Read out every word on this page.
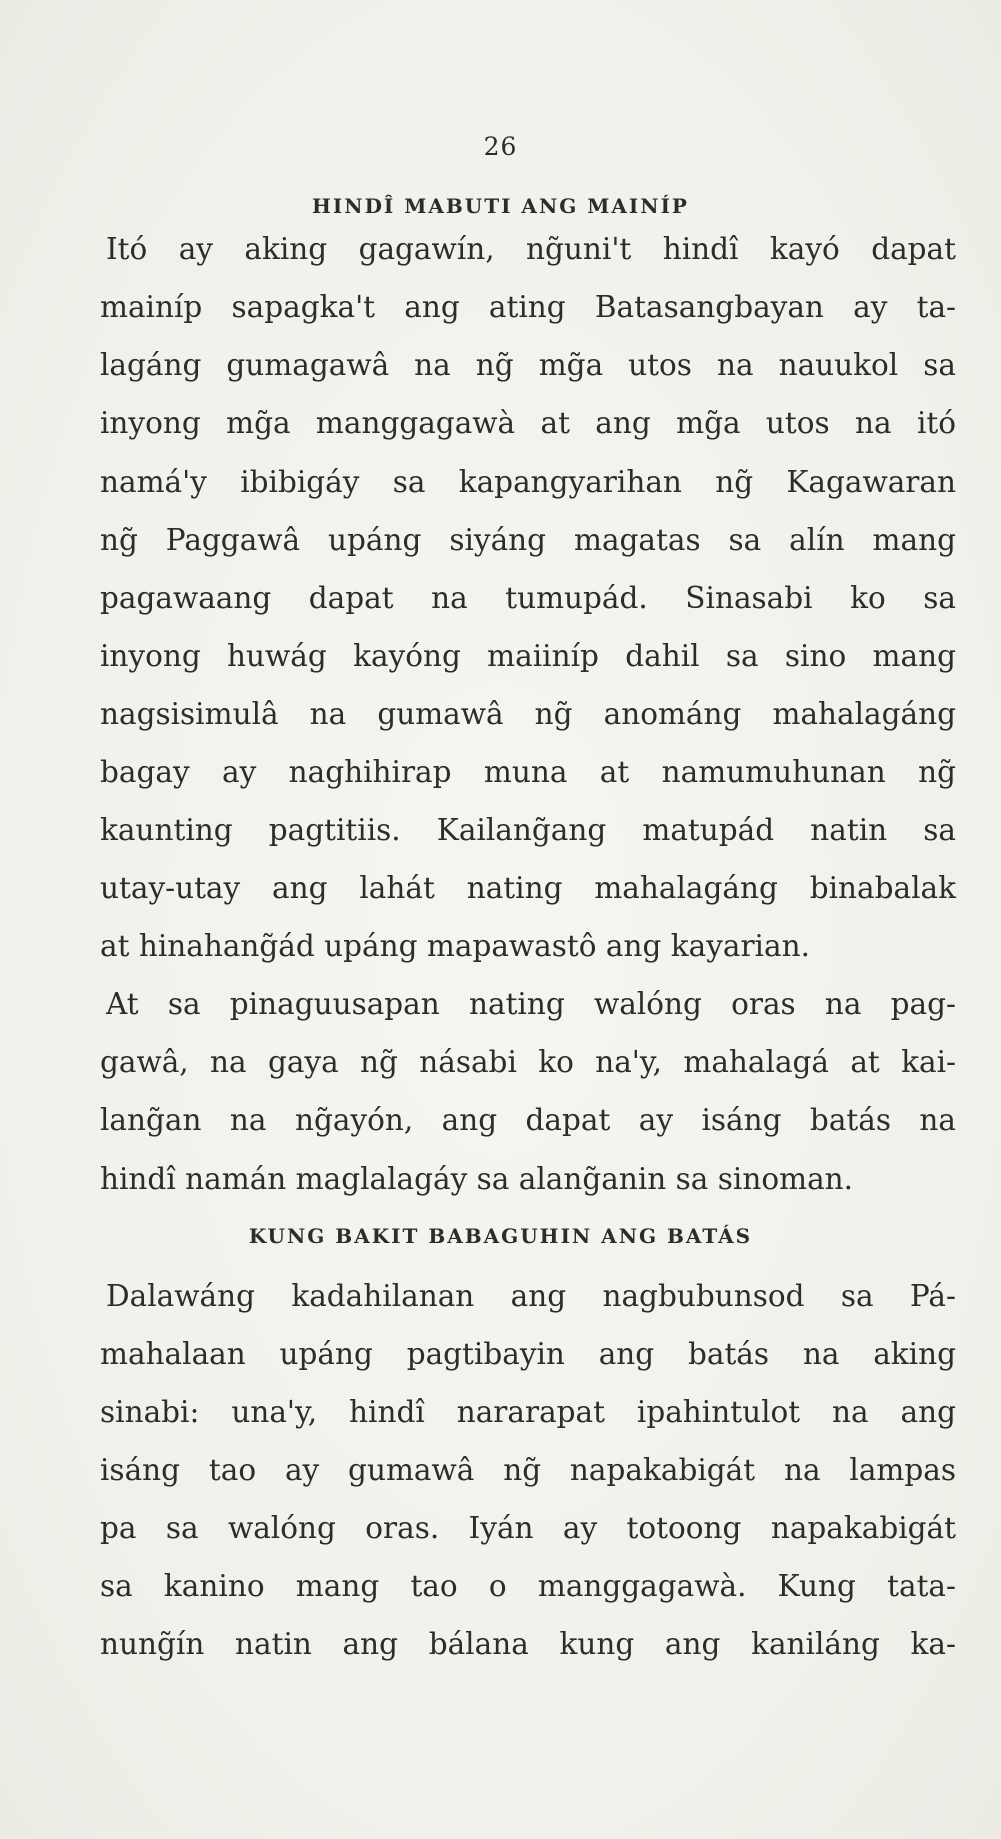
26
HINDÎ MABUTI ANG MAINÍP
Itó ay aking gagawín, ng̃uni't hindî kayó dapat
mainíp sapagka't ang ating Batasangbayan ay ta-
lagáng gumagawâ na ng̃ mg̃a utos na nauukol sa
inyong mg̃a manggagawà at ang mg̃a utos na itó
namá'y ibibigáy sa kapangyarihan ng̃ Kagawaran
ng̃ Paggawâ upáng siyáng magatas sa alín mang
pagawaang dapat na tumupád. Sinasabi ko sa
inyong huwág kayóng maiiníp dahil sa sino mang
nagsisimulâ na gumawâ ng̃ anománg mahalagáng
bagay ay naghihirap muna at namumuhunan ng̃
kaunting pagtitiis. Kailang̃ang matupád natin sa
utay-utay ang lahát nating mahalagáng binabalak
at hinahang̃ád upáng mapawastô ang kayarian.
At sa pinaguusapan nating walóng oras na pag-
gawâ, na gaya ng̃ násabi ko na'y, mahalagá at kai-
lang̃an na ng̃ayón, ang dapat ay isáng batás na
hindî namán maglalagáy sa alang̃anin sa sinoman.
KUNG BAKIT BABAGUHIN ANG BATÁS
Dalawáng kadahilanan ang nagbubunsod sa Pá-
mahalaan upáng pagtibayin ang batás na aking
sinabi: una'y, hindî nararapat ipahintulot na ang
isáng tao ay gumawâ ng̃ napakabigát na lampas
pa sa walóng oras. Iyán ay totoong napakabigát
sa kanino mang tao o manggagawà. Kung tata-
nung̃ín natin ang bálana kung ang kaniláng ka-
